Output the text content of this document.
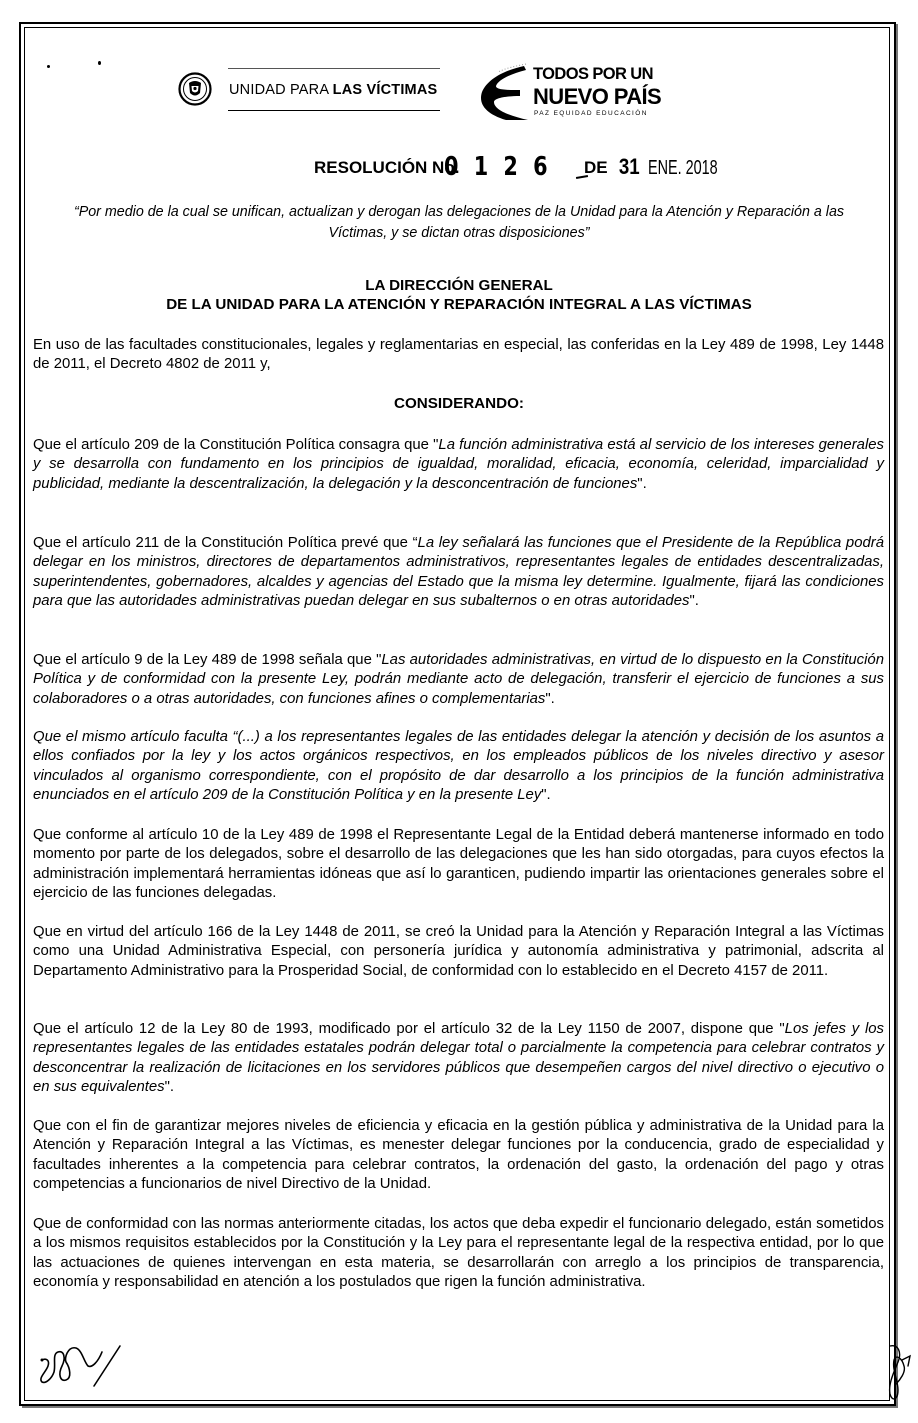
UNIDAD PARA LAS VÍCTIMAS
TODOS POR UN
NUEVO PAÍS
PAZ EQUIDAD EDUCACIÓN
RESOLUCIÓN No.
0 1 2 6 DE 31 ENE. 2018
“Por medio de la cual se unifican, actualizan y derogan las delegaciones de la Unidad para la Atención y Reparación a las Víctimas, y se dictan otras disposiciones”
LA DIRECCIÓN GENERAL
DE LA UNIDAD PARA LA ATENCIÓN Y REPARACIÓN INTEGRAL A LAS VÍCTIMAS
En uso de las facultades constitucionales, legales y reglamentarias en especial, las conferidas en la Ley 489 de 1998, Ley 1448 de 2011, el Decreto 4802 de 2011 y,
CONSIDERANDO:
Que el artículo 209 de la Constitución Política consagra que "La función administrativa está al servicio de los intereses generales y se desarrolla con fundamento en los principios de igualdad, moralidad, eficacia, economía, celeridad, imparcialidad y publicidad, mediante la descentralización, la delegación y la desconcentración de funciones".
Que el artículo 211 de la Constitución Política prevé que “La ley señalará las funciones que el Presidente de la República podrá delegar en los ministros, directores de departamentos administrativos, representantes legales de entidades descentralizadas, superintendentes, gobernadores, alcaldes y agencias del Estado que la misma ley determine. Igualmente, fijará las condiciones para que las autoridades administrativas puedan delegar en sus subalternos o en otras autoridades".
Que el artículo 9 de la Ley 489 de 1998 señala que "Las autoridades administrativas, en virtud de lo dispuesto en la Constitución Política y de conformidad con la presente Ley, podrán mediante acto de delegación, transferir el ejercicio de funciones a sus colaboradores o a otras autoridades, con funciones afines o complementarias".
Que el mismo artículo faculta “(...) a los representantes legales de las entidades delegar la atención y decisión de los asuntos a ellos confiados por la ley y los actos orgánicos respectivos, en los empleados públicos de los niveles directivo y asesor vinculados al organismo correspondiente, con el propósito de dar desarrollo a los principios de la función administrativa enunciados en el artículo 209 de la Constitución Política y en la presente Ley".
Que conforme al artículo 10 de la Ley 489 de 1998 el Representante Legal de la Entidad deberá mantenerse informado en todo momento por parte de los delegados, sobre el desarrollo de las delegaciones que les han sido otorgadas, para cuyos efectos la administración implementará herramientas idóneas que así lo garanticen, pudiendo impartir las orientaciones generales sobre el ejercicio de las funciones delegadas.
Que en virtud del artículo 166 de la Ley 1448 de 2011, se creó la Unidad para la Atención y Reparación Integral a las Víctimas como una Unidad Administrativa Especial, con personería jurídica y autonomía administrativa y patrimonial, adscrita al Departamento Administrativo para la Prosperidad Social, de conformidad con lo establecido en el Decreto 4157 de 2011.
Que el artículo 12 de la Ley 80 de 1993, modificado por el artículo 32 de la Ley 1150 de 2007, dispone que "Los jefes y los representantes legales de las entidades estatales podrán delegar total o parcialmente la competencia para celebrar contratos y desconcentrar la realización de licitaciones en los servidores públicos que desempeñen cargos del nivel directivo o ejecutivo o en sus equivalentes".
Que con el fin de garantizar mejores niveles de eficiencia y eficacia en la gestión pública y administrativa de la Unidad para la Atención y Reparación Integral a las Víctimas, es menester delegar funciones por la conducencia, grado de especialidad y facultades inherentes a la competencia para celebrar contratos, la ordenación del gasto, la ordenación del pago y otras competencias a funcionarios de nivel Directivo de la Unidad.
Que de conformidad con las normas anteriormente citadas, los actos que deba expedir el funcionario delegado, están sometidos a los mismos requisitos establecidos por la Constitución y la Ley para el representante legal de la respectiva entidad, por lo que las actuaciones de quienes intervengan en esta materia, se desarrollarán con arreglo a los principios de transparencia, economía y responsabilidad en atención a los postulados que rigen la función administrativa.
